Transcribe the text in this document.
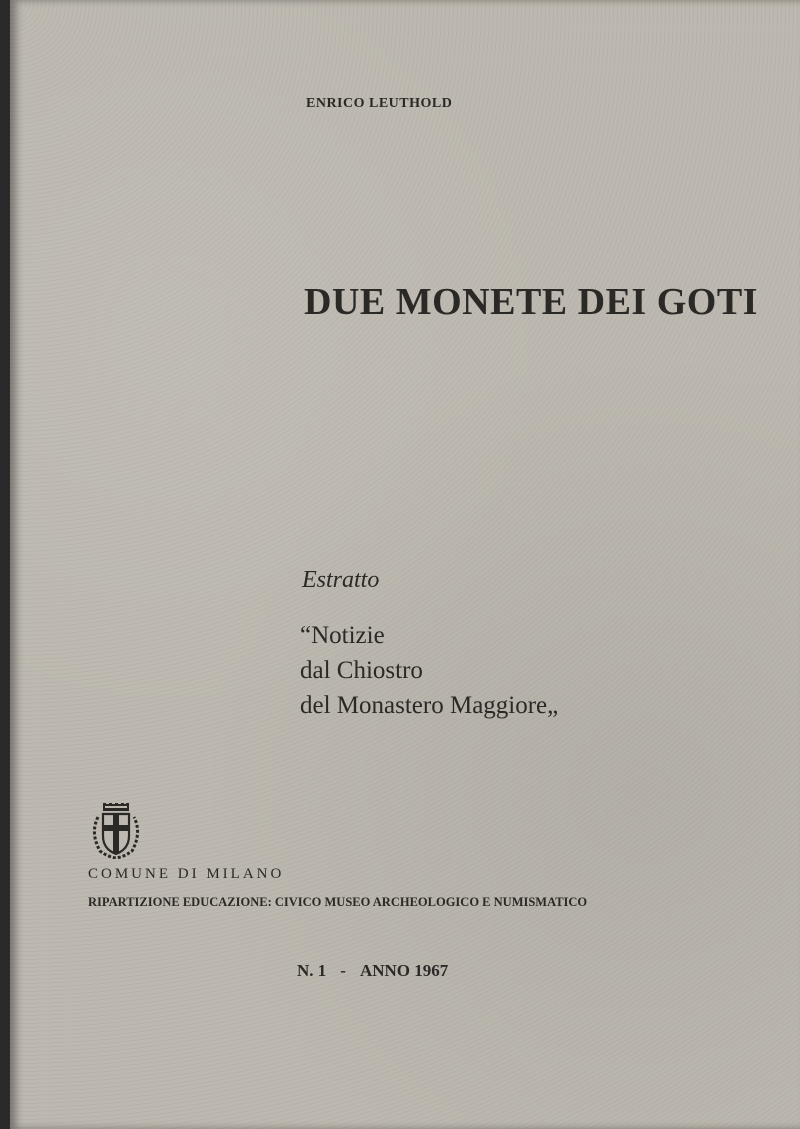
ENRICO LEUTHOLD
DUE MONETE DEI GOTI
Estratto
“Notizie
dal Chiostro
del Monastero Maggiore„
COMUNE DI MILANO
RIPARTIZIONE EDUCAZIONE: CIVICO MUSEO ARCHEOLOGICO E NUMISMATICO
N. 1 - ANNO 1967
